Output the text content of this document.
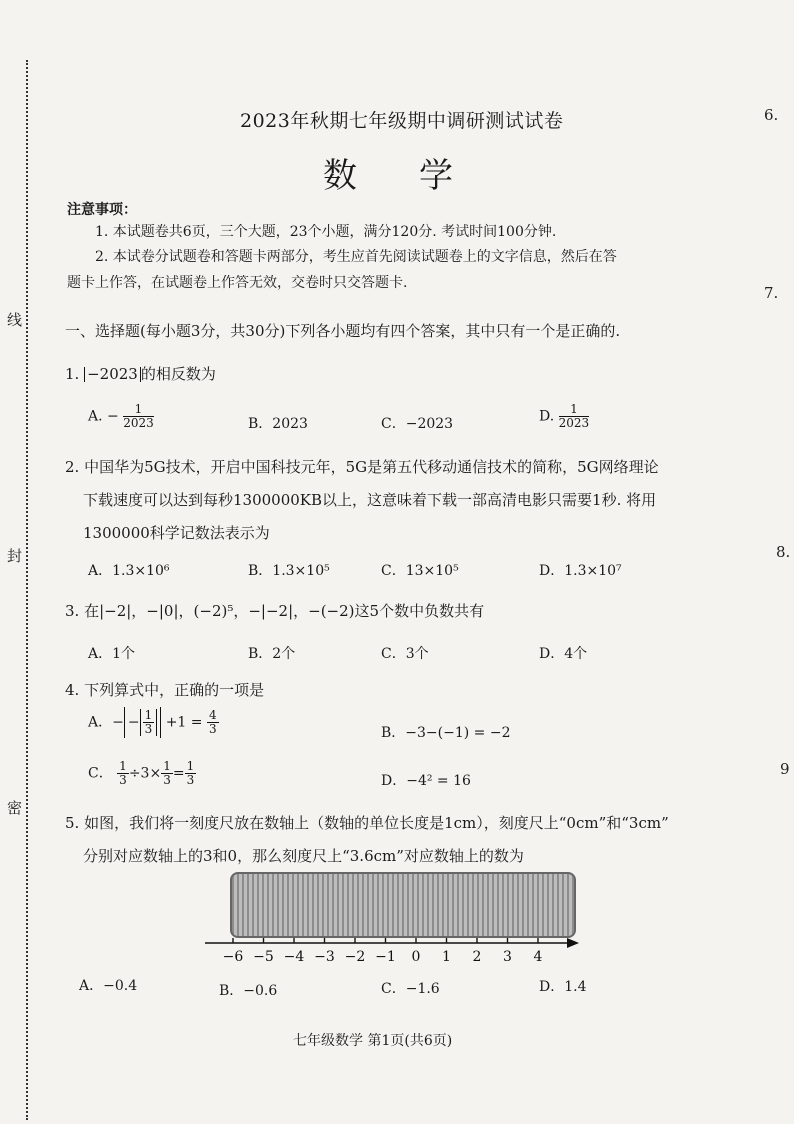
6.
7.
8.
9
线
封
密
2023年秋期七年级期中调研测试试卷
数学
注意事项：
1. 本试题卷共6页，三个大题，23个小题，满分120分. 考试时间100分钟.
2. 本试卷分试题卷和答题卡两部分，考生应首先阅读试题卷上的文字信息，然后在答
题卡上作答，在试题卷上作答无效，交卷时只交答题卡.
一、选择题(每小题3分，共30分)下列各小题均有四个答案，其中只有一个是正确的.
1. −2023 的相反数为
A. − $\frac{1}{2023}$	B．2023	C．−2023	D. $\frac{1}{2023}$
2. 中国华为5G技术，开启中国科技元年，5G是第五代移动通信技术的简称，5G网络理论
下载速度可以达到每秒1300000KB以上，这意味着下载一部高清电影只需要1秒. 将用
1300000科学记数法表示为
A．1.3×10⁶	B．1.3×10⁵	C．13×10⁵	D．1.3×10⁷
3. 在|−2|，−|0|，(−2)⁵，−|−2|，−(−2)这5个数中负数共有
A．1个	B．2个	C．3个	D．4个
4. 下列算式中，正确的一项是
A．− − $\frac{1}{3} +1 = \frac{4}{3}$	B．−3−(−1) = −2
C． $\frac{1}{3} \div 3\times \frac{1}{3} = \frac{1}{3}$	D．−4² = 16
5. 如图，我们将一刻度尺放在数轴上（数轴的单位长度是1cm），刻度尺上“0cm”和“3cm”
分别对应数轴上的3和0，那么刻度尺上“3.6cm”对应数轴上的数为
−6 −5 −4 −3 −2 −1 0 1 2 3 4
A．−0.4	B．−0.6	C．−1.6	D．1.4
七年级数学 第1页(共6页)
